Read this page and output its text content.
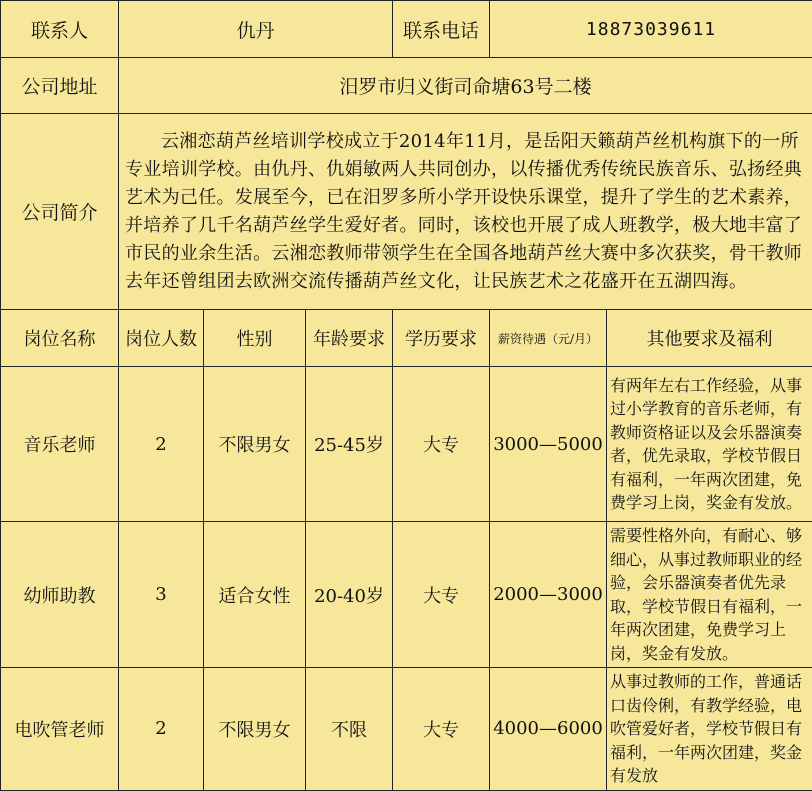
联系人	仇丹			联系电话	18873039611	
公司地址	汨罗市归义街司命塘63号二楼					
公司简介	云湘恋葫芦丝培训学校成立于2014年11月，是岳阳天籁葫芦丝机构旗下的一所专业培训学校。由仇丹、仇娟敏两人共同创办，以传播优秀传统民族音乐、弘扬经典艺术为己任。发展至今，已在汨罗多所小学开设快乐课堂，提升了学生的艺术素养，并培养了几千名葫芦丝学生爱好者。同时，该校也开展了成人班教学，极大地丰富了市民的业余生活。云湘恋教师带领学生在全国各地葫芦丝大赛中多次获奖，骨干教师去年还曾组团去欧洲交流传播葫芦丝文化，让民族艺术之花盛开在五湖四海。					
岗位名称	岗位人数	性别	年龄要求	学历要求	薪资待遇（元/月）	其他要求及福利
音乐老师	2	不限男女	25-45岁	大专	3000—5000	有两年左右工作经验，从事过小学教育的音乐老师，有教师资格证以及会乐器演奏者，优先录取，学校节假日有福利，一年两次团建，免费学习上岗，奖金有发放。
幼师助教	3	适合女性	20-40岁	大专	2000—3000	需要性格外向，有耐心、够细心，从事过教师职业的经验，会乐器演奏者优先录取，学校节假日有福利，一年两次团建，免费学习上岗，奖金有发放。
电吹管老师	2	不限男女	不限	大专	4000—6000	从事过教师的工作，普通话口齿伶俐，有教学经验，电吹管爱好者，学校节假日有福利，一年两次团建，奖金有发放
